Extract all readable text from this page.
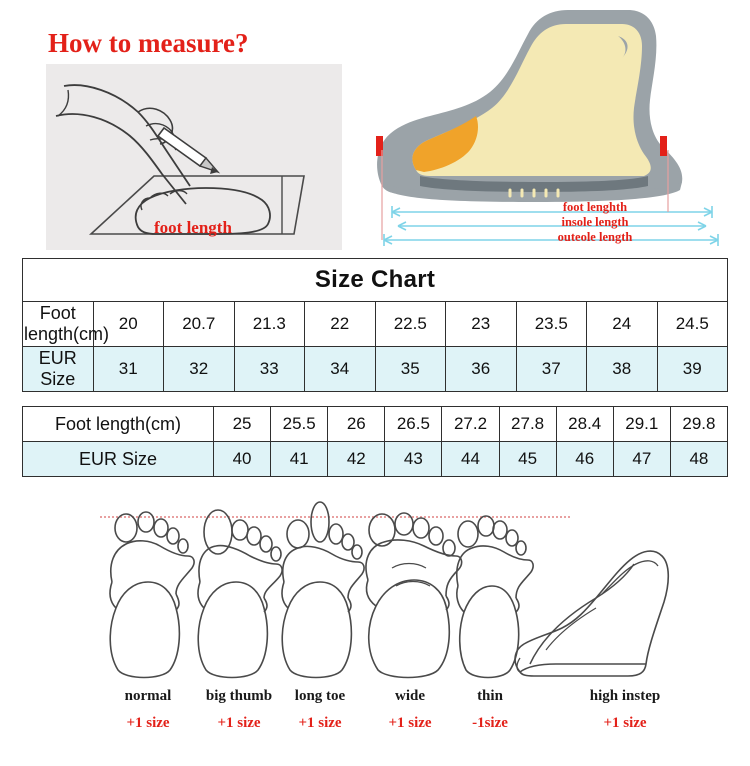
How to measure?
foot length
foot lenghth
insole length
outeole length
Size Chart									
Foot length(cm)	20	20.7	21.3	22	22.5	23	23.5	24	24.5
EUR Size	31	32	33	34	35	36	37	38	39
Foot length(cm)	25	25.5	26	26.5	27.2	27.8	28.4	29.1	29.8
EUR Size	40	41	42	43	44	45	46	47	48
normal
+1 size
big thumb
+1 size
long toe
+1 size
wide
+1 size
thin
-1size
high instep
+1 size
